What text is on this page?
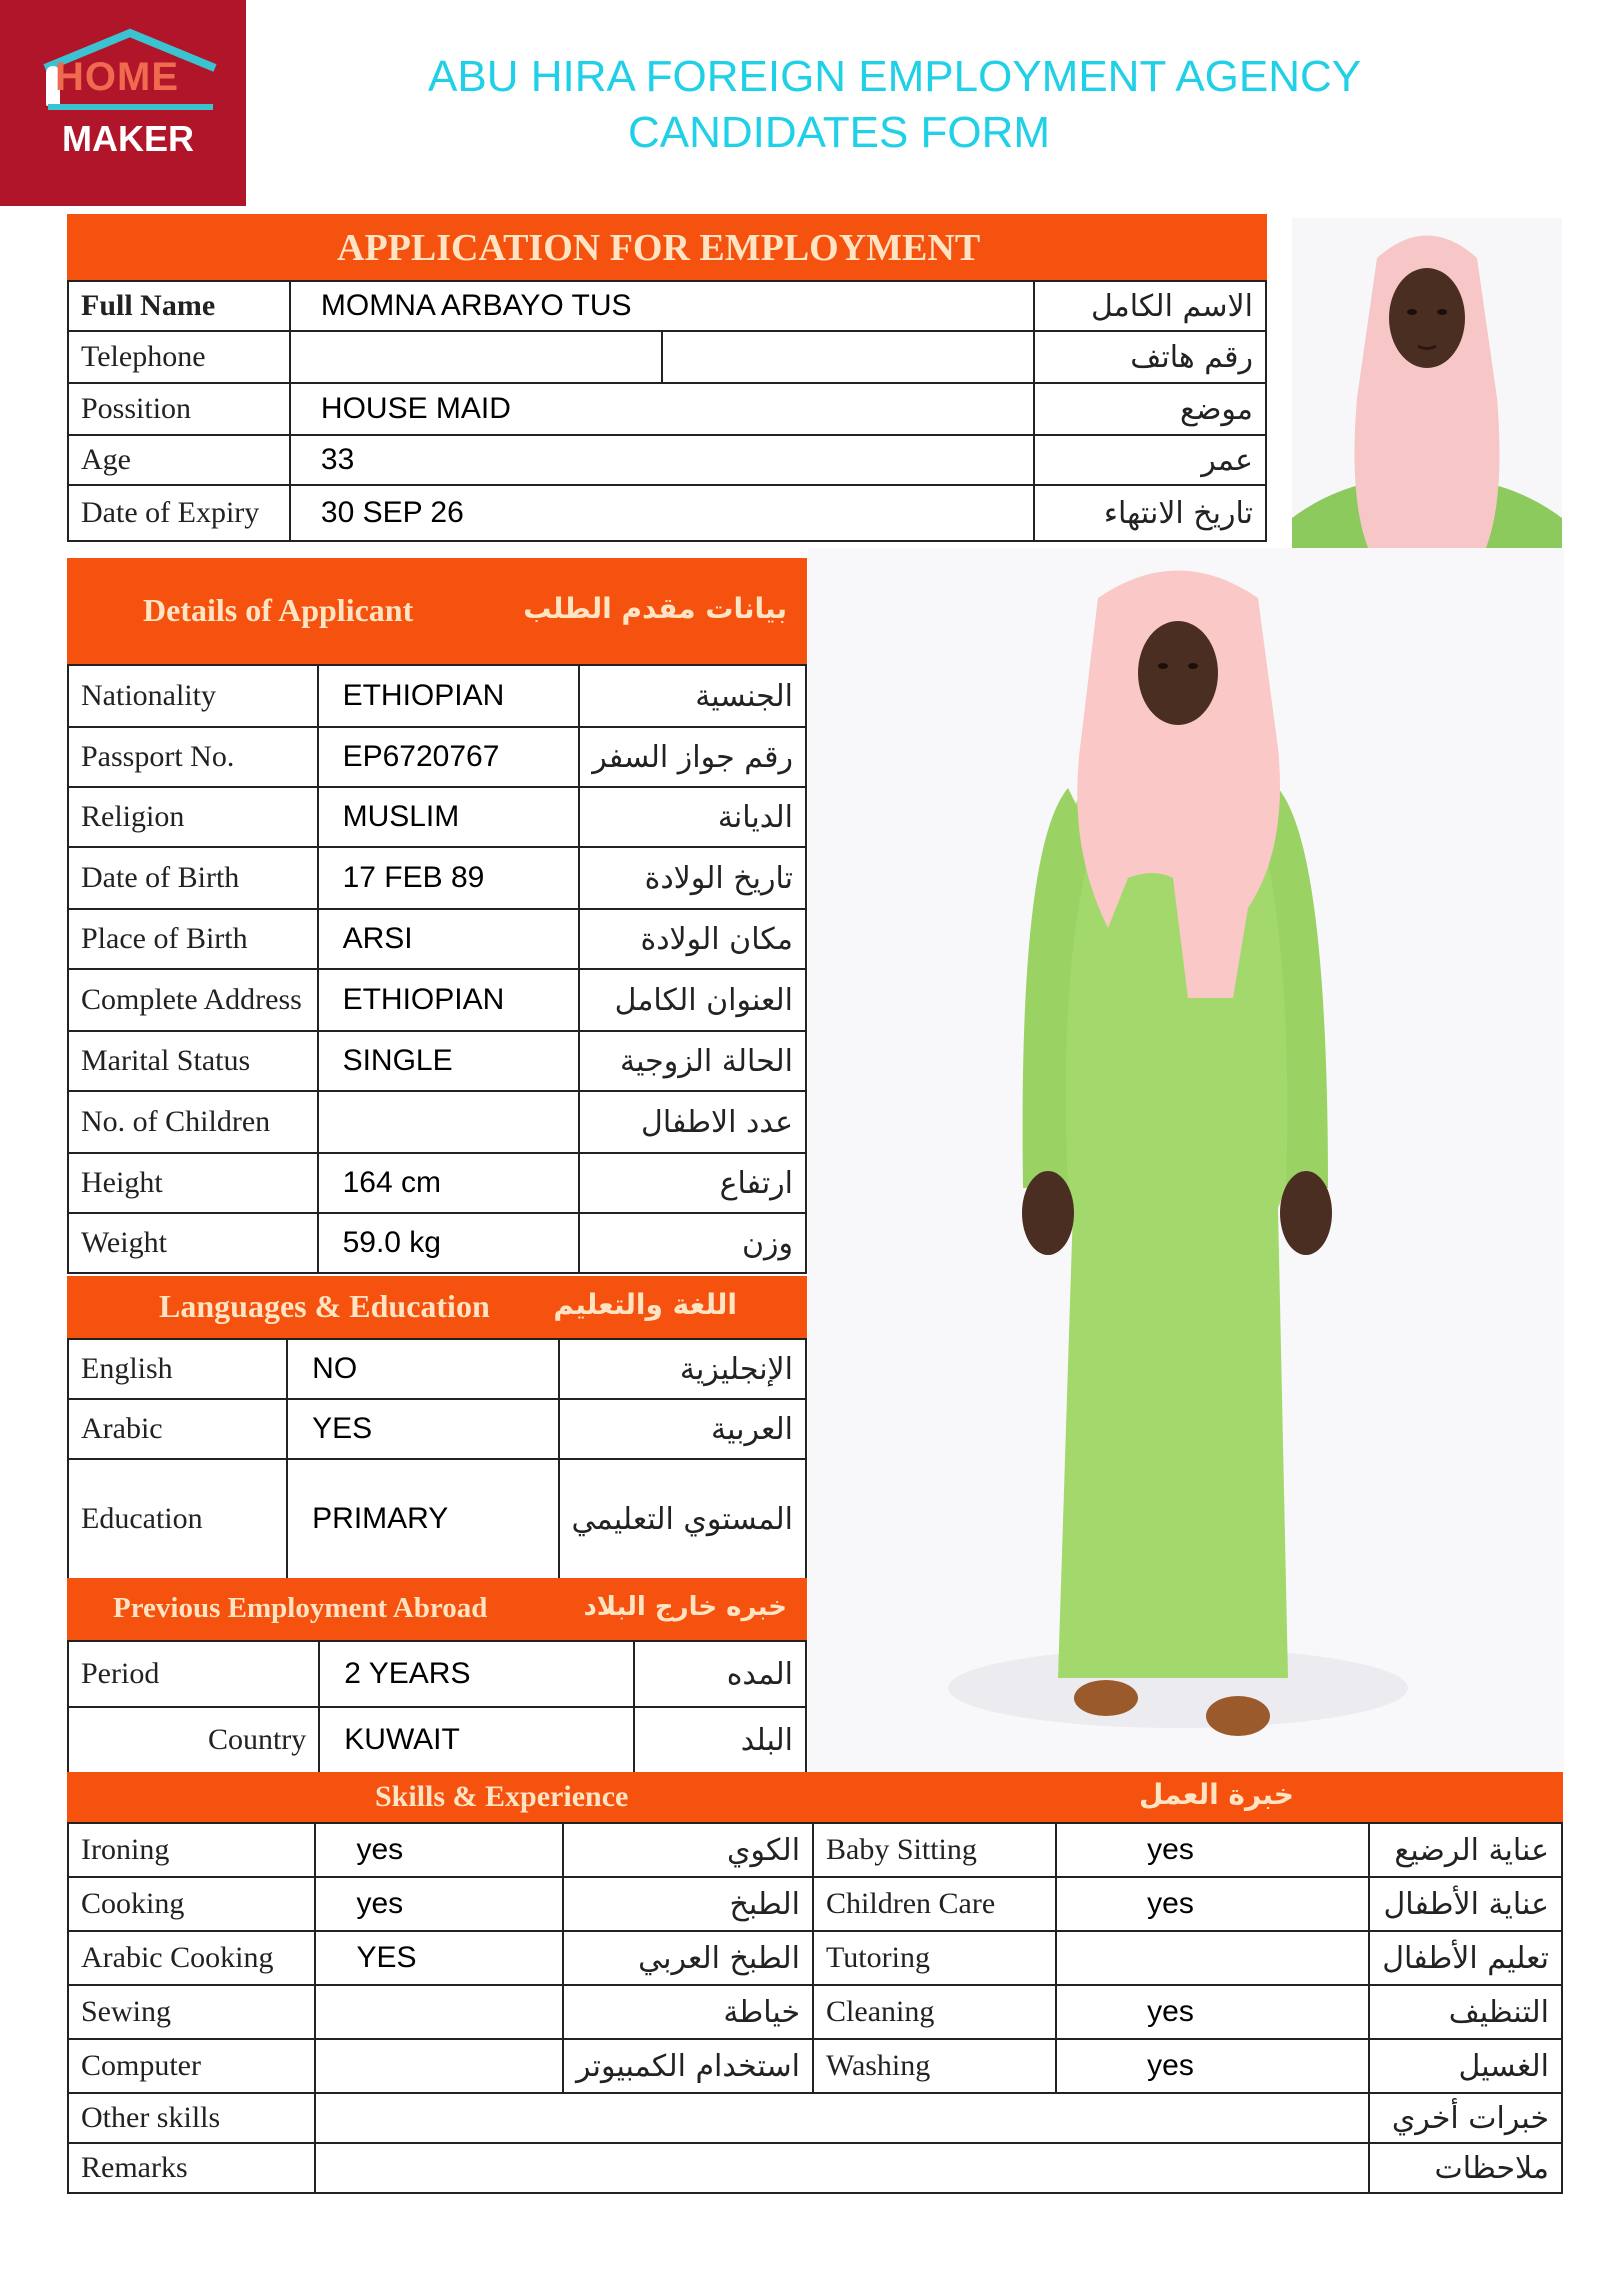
HOME
MAKER
ABU HIRA FOREIGN EMPLOYMENT AGENCY
CANDIDATES FORM
APPLICATION FOR EMPLOYMENT
Full Name	MOMNA ARBAYO TUS		الاسم الكامل
Telephone			رقم هاتف
Possition	HOUSE MAID		موضع
Age	33		عمر
Date of Expiry	30 SEP 26		تاريخ الانتهاء
Details of Applicant	بيانات مقدم الطلب
Nationality	ETHIOPIAN	الجنسية
Passport No.	EP6720767	رقم جواز السفر
Religion	MUSLIM	الديانة
Date of Birth	17 FEB 89	تاريخ الولادة
Place of Birth	ARSI	مكان الولادة
Complete Address	ETHIOPIAN	العنوان الكامل
Marital Status	SINGLE	الحالة الزوجية
No. of Children		عدد الاطفال
Height	164 cm	ارتفاع
Weight	59.0 kg	وزن
Languages & Education اللغة والتعليم
English	NO	الإنجليزية
Arabic	YES	العربية
Education	PRIMARY	المستوي التعليمي
Previous Employment Abroad	خبره خارج البلاد
Period	2 YEARS	المده
Country	KUWAIT	البلد
Skills & Experience	خبرة العمل
Ironing	yes	الكوي	Baby Sitting	yes	عناية الرضيع
Cooking	yes	الطبخ	Children Care	yes	عناية الأطفال
Arabic Cooking	YES	الطبخ العربي	Tutoring		تعليم الأطفال
Sewing		خياطة	Cleaning	yes	التنظيف
Computer		استخدام الكمبيوتر	Washing	yes	الغسيل
Other skills					خبرات أخري
Remarks					ملاحظات
